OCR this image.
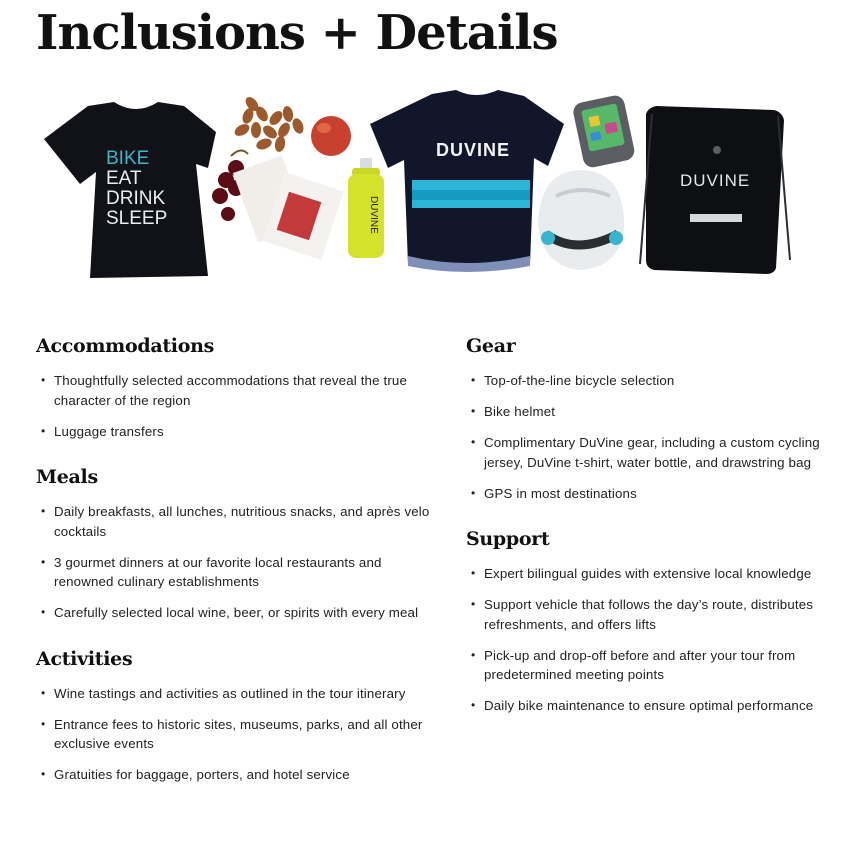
Inclusions + Details
BIKE
EAT
DRINK
SLEEP	DUVINE
DUVINE
DUVINE
Accommodations
• Thoughtfully selected accommodations that reveal the true character of the region
• Luggage transfers
Meals
• Daily breakfasts, all lunches, nutritious snacks, and après velo cocktails
• 3 gourmet dinners at our favorite local restaurants and renowned culinary establishments
• Carefully selected local wine, beer, or spirits with every meal
Activities
• Wine tastings and activities as outlined in the tour itinerary
• Entrance fees to historic sites, museums, parks, and all other exclusive events
• Gratuities for baggage, porters, and hotel service
Gear
• Top-of-the-line bicycle selection
• Bike helmet
• Complimentary DuVine gear, including a custom cycling jersey, DuVine t-shirt, water bottle, and drawstring bag
• GPS in most destinations
Support
• Expert bilingual guides with extensive local knowledge
• Support vehicle that follows the day’s route, distributes refreshments, and offers lifts
• Pick-up and drop-off before and after your tour from predetermined meeting points
• Daily bike maintenance to ensure optimal performance
